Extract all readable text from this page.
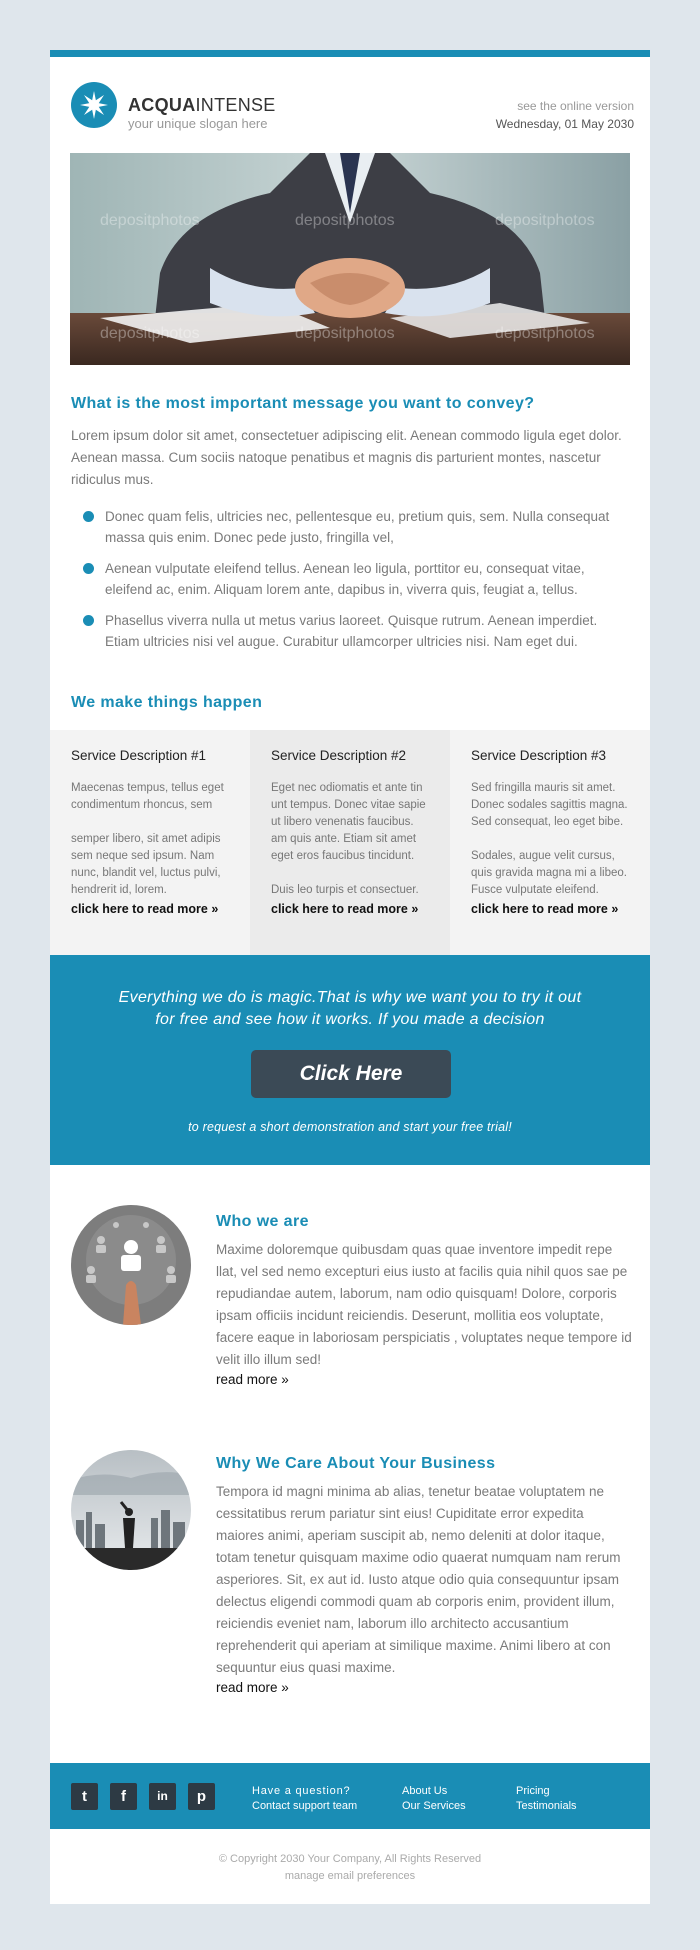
ACQUAINTENSE
your unique slogan here
see the online version
Wednesday, 01 May 2030
depositphotos	depositphotos	depositphotos
depositphotos	depositphotos	depositphotos
What is the most important message you want to convey?
Lorem ipsum dolor sit amet, consectetuer adipiscing elit. Aenean commodo ligula eget dolor. Aenean massa. Cum sociis natoque penatibus et magnis dis parturient montes, nascetur ridiculus mus.
Donec quam felis, ultricies nec, pellentesque eu, pretium quis, sem. Nulla consequat massa quis enim. Donec pede justo, fringilla vel,
Aenean vulputate eleifend tellus. Aenean leo ligula, porttitor eu, consequat vitae, eleifend ac, enim. Aliquam lorem ante, dapibus in, viverra quis, feugiat a, tellus.
Phasellus viverra nulla ut metus varius laoreet. Quisque rutrum. Aenean imperdiet. Etiam ultricies nisi vel augue. Curabitur ullamcorper ultricies nisi. Nam eget dui.
We make things happen
Service Description #1

Maecenas tempus, tellus eget condimentum rhoncus, sem

semper libero, sit amet adipis sem neque sed ipsum. Nam nunc, blandit vel, luctus pulvi, hendrerit id, lorem.

click here to read more »
Service Description #2

Eget nec odiomatis et ante tin unt tempus. Donec vitae sapie ut libero venenatis faucibus. am quis ante. Etiam sit amet eget eros faucibus tincidunt.

Duis leo turpis et consectuer.

click here to read more »
Service Description #3

Sed fringilla mauris sit amet. Donec sodales sagittis magna. Sed consequat, leo eget bibe.

Sodales, augue velit cursus, quis gravida magna mi a libeo. Fusce vulputate eleifend.

click here to read more »
Everything we do is magic.That is why we want you to try it out for free and see how it works. If you made a decision
Click Here
to request a short demonstration and start your free trial!
Who we are
Maxime doloremque quibusdam quas quae inventore impedit repe llat, vel sed nemo excepturi eius iusto at facilis quia nihil quos sae pe repudiandae autem, laborum, nam odio quisquam! Dolore, corporis ipsam officiis incidunt reiciendis. Deserunt, mollitia eos voluptate, facere eaque in laboriosam perspiciatis , voluptates neque tempore id velit illo illum sed!
read more »
Why We Care About Your Business
Tempora id magni minima ab alias, tenetur beatae voluptatem ne cessitatibus rerum pariatur sint eius! Cupiditate error expedita maiores animi, aperiam suscipit ab, nemo deleniti at dolor itaque, totam tenetur quisquam maxime odio quaerat numquam nam rerum asperiores. Sit, ex aut id. Iusto atque odio quia consequuntur ipsam delectus eligendi commodi quam ab corporis enim, provident illum, reiciendis eveniet nam, laborum illo architecto accusantium reprehenderit qui aperiam at similique maxime. Animi libero at con sequuntur eius quasi maxime.
read more »
t	f	in	p	Have a question?
Contact support team
About Us
Our Services
Pricing
Testimonials
© Copyright 2030 Your Company, All Rights Reserved
manage email preferences
